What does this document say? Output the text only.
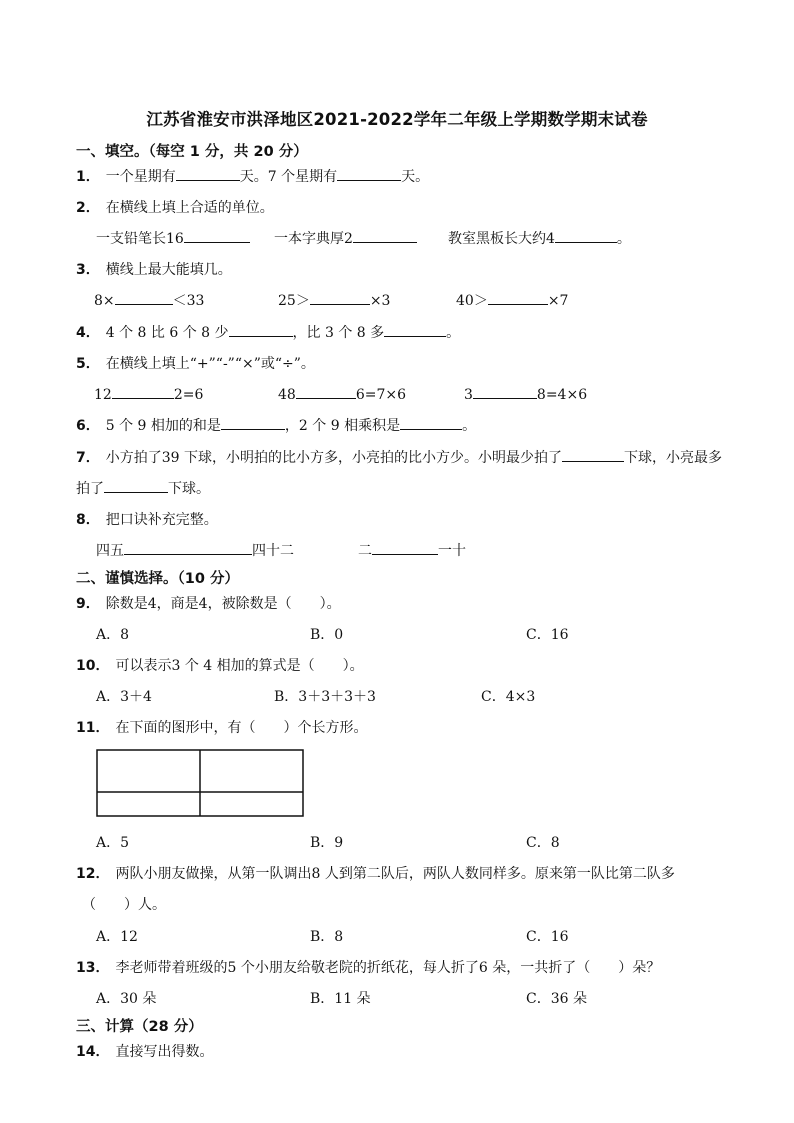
江苏省淮安市洪泽地区2021-2022学年二年级上学期数学期末试卷
一、填空。（每空 1 分，共 20 分）
1． 一个星期有	天。7 个星期有	天。
2． 在横线上填上合适的单位。
一支铅笔长16	一本字典厚2	教室黑板长大约4	。
3． 横线上最大能填几。
8×	＜33	25＞	×3	40＞	×7
4． 4 个 8 比 6 个 8 少	，比 3 个 8 多	。
5． 在横线上填上“+”“-”“×”或“÷”。
12	2=6	48	6=7×6	3	8=4×6
6． 5 个 9 相加的和是	，2 个 9 相乘积是	。
7． 小方拍了39 下球，小明拍的比小方多，小亮拍的比小方少。小明最少拍了	下球，小亮最多
拍了	下球。
8． 把口诀补充完整。
四五	四十二	二	一十
二、谨慎选择。（10 分）
9． 除数是4，商是4，被除数是（　　）。
A．8	B．0	C．16
10． 可以表示3 个 4 相加的算式是（　　）。
A．3＋4	B．3＋3＋3＋3	C．4×3
11． 在下面的图形中，有（　　）个长方形。
A．5	B．9	C．8
12． 两队小朋友做操，从第一队调出8 人到第二队后，两队人数同样多。原来第一队比第二队多
（　　）人。
A．12	B．8	C．16
13． 李老师带着班级的5 个小朋友给敬老院的折纸花，每人折了6 朵，一共折了（　　）朵？
A．30 朵	B．11 朵	C．36 朵
三、计算（28 分）
14． 直接写出得数。
